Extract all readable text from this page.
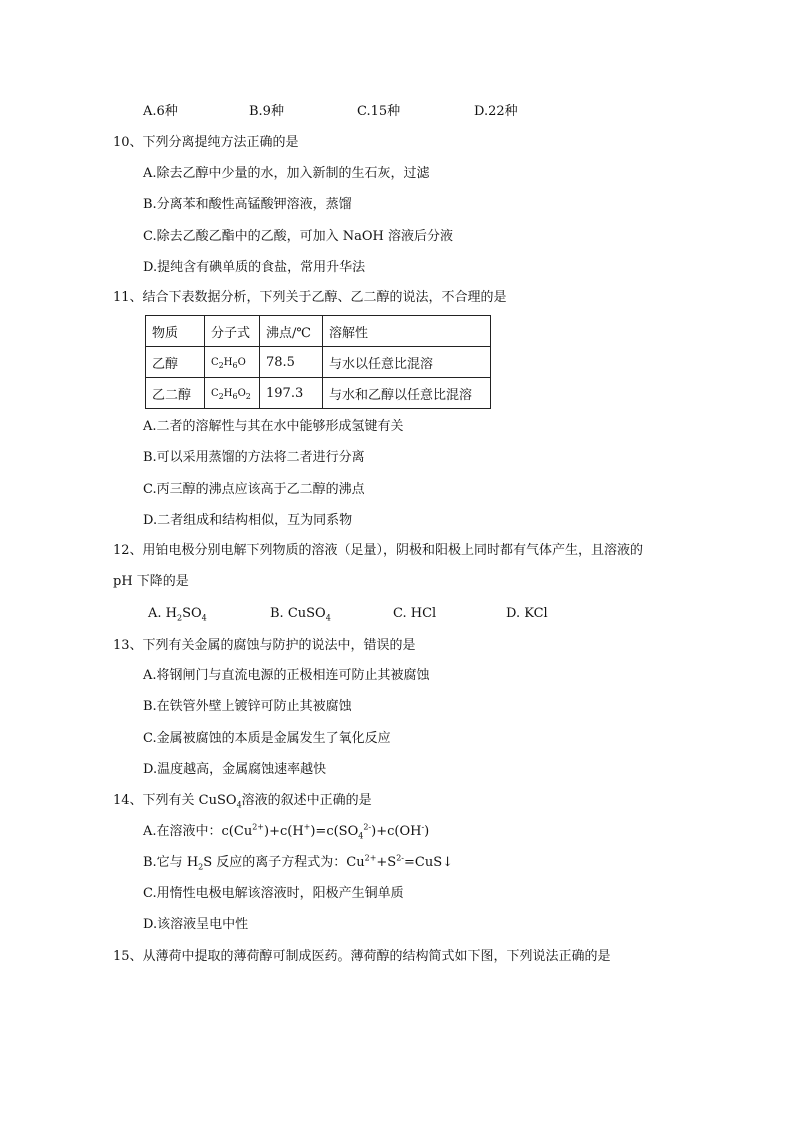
A.6种	B.9种	C.15种	D.22种
10、下列分离提纯方法正确的是
A.除去乙醇中少量的水，加入新制的生石灰，过滤
B.分离苯和酸性高锰酸钾溶液，蒸馏
C.除去乙酸乙酯中的乙酸，可加入 NaOH 溶液后分液
D.提纯含有碘单质的食盐，常用升华法
11、结合下表数据分析，下列关于乙醇、乙二醇的说法，不合理的是
物质	分子式	沸点/℃	溶解性
乙醇	$C_2H_6O$	78.5	与水以任意比混溶
乙二醇	$C_2H_6O_2$	197.3	与水和乙醇以任意比混溶
A.二者的溶解性与其在水中能够形成氢键有关
B.可以采用蒸馏的方法将二者进行分离
C.丙三醇的沸点应该高于乙二醇的沸点
D.二者组成和结构相似，互为同系物
12、用铂电极分别电解下列物质的溶液（足量），阴极和阳极上同时都有气体产生，且溶液的
pH 下降的是
A. $H_2SO_4$	B. CuSO$_4$	C. HCl	D. KCl
13、下列有关金属的腐蚀与防护的说法中，错误的是
A.将钢闸门与直流电源的正极相连可防止其被腐蚀
B.在铁管外壁上镀锌可防止其被腐蚀
C.金属被腐蚀的本质是金属发生了氧化反应
D.温度越高，金属腐蚀速率越快
14、下列有关 CuSO$_4$溶液的叙述中正确的是
A.在溶液中：$c(Cu^{2+})+c(H^+)=c(SO_4^{2-})+c(OH^-)$
B.它与 $H_2S$ 反应的离子方程式为：$Cu^{2+}+S^{2-}=CuS↓$
C.用惰性电极电解该溶液时，阳极产生铜单质
D.该溶液呈电中性
15、从薄荷中提取的薄荷醇可制成医药。薄荷醇的结构简式如下图，下列说法正确的是
